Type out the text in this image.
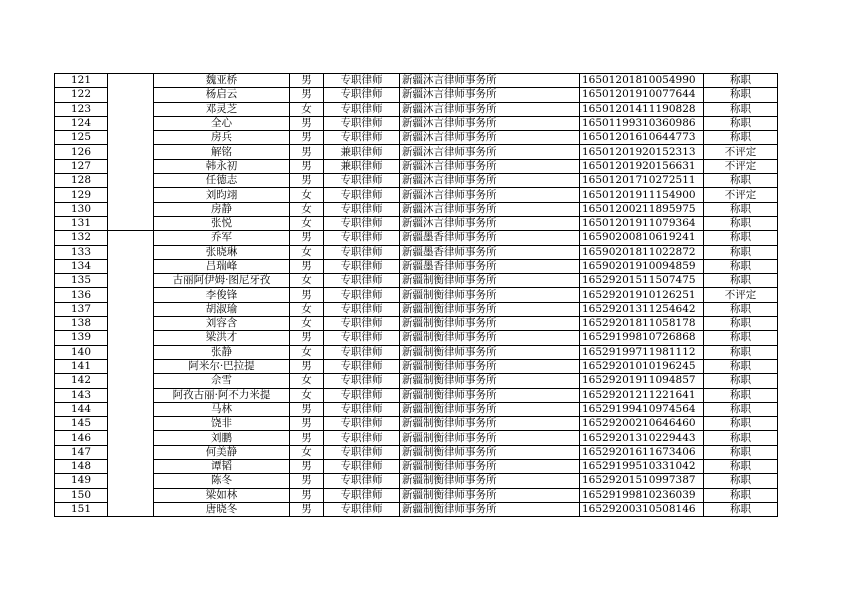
121		魏亚桥	男	专职律师	新疆沐言律师事务所	16501201810054990	称职
122		杨启云	男	专职律师	新疆沐言律师事务所	16501201910077644	称职
123		邓灵芝	女	专职律师	新疆沐言律师事务所	16501201411190828	称职
124		全心	男	专职律师	新疆沐言律师事务所	16501199310360986	称职
125		房兵	男	专职律师	新疆沐言律师事务所	16501201610644773	称职
126		解铭	男	兼职律师	新疆沐言律师事务所	16501201920152313	不评定
127		韩永初	男	兼职律师	新疆沐言律师事务所	16501201920156631	不评定
128		任德志	男	专职律师	新疆沐言律师事务所	16501201710272511	称职
129		刘昀翊	女	专职律师	新疆沐言律师事务所	16501201911154900	不评定
130		房静	女	专职律师	新疆沐言律师事务所	16501200211895975	称职
131		张悦	女	专职律师	新疆沐言律师事务所	16501201911079364	称职
132		乔军	男	专职律师	新疆墨香律师事务所	16590200810619241	称职
133		张晓琳	女	专职律师	新疆墨香律师事务所	16590201811022872	称职
134		吕瑞峰	男	专职律师	新疆墨香律师事务所	16590201910094859	称职
135		古丽阿伊姆·图尼牙孜	女	专职律师	新疆制衡律师事务所	16529201511507475	称职
136		李俊锋	男	专职律师	新疆制衡律师事务所	16529201910126251	不评定
137		胡淑瑜	女	专职律师	新疆制衡律师事务所	16529201311254642	称职
138		刘容含	女	专职律师	新疆制衡律师事务所	16529201811058178	称职
139		梁洪才	男	专职律师	新疆制衡律师事务所	16529199810726868	称职
140		张静	女	专职律师	新疆制衡律师事务所	16529199711981112	称职
141		阿米尔·巴拉提	男	专职律师	新疆制衡律师事务所	16529201010196245	称职
142		佘雪	女	专职律师	新疆制衡律师事务所	16529201911094857	称职
143		阿孜古丽·阿不力米提	女	专职律师	新疆制衡律师事务所	16529201211221641	称职
144		马林	男	专职律师	新疆制衡律师事务所	16529199410974564	称职
145		饶非	男	专职律师	新疆制衡律师事务所	16529200210646460	称职
146		刘鹏	男	专职律师	新疆制衡律师事务所	16529201310229443	称职
147		何美静	女	专职律师	新疆制衡律师事务所	16529201611673406	称职
148		谭韬	男	专职律师	新疆制衡律师事务所	16529199510331042	称职
149		陈冬	男	专职律师	新疆制衡律师事务所	16529201510997387	称职
150		梁如林	男	专职律师	新疆制衡律师事务所	16529199810236039	称职
151		唐晓冬	男	专职律师	新疆制衡律师事务所	16529200310508146	称职
